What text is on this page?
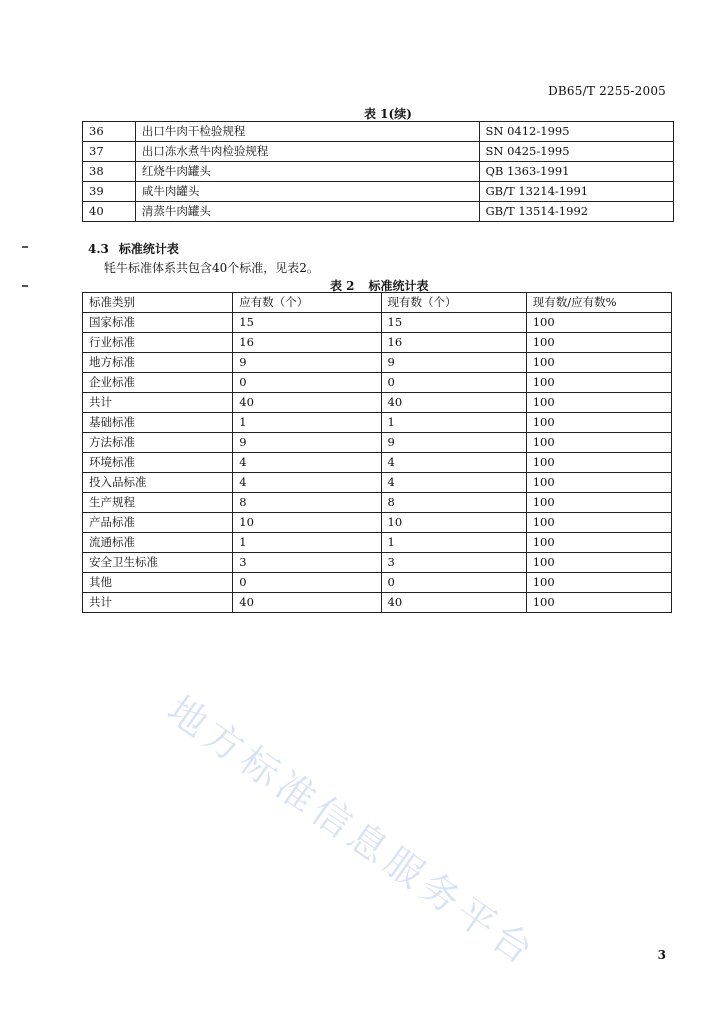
DB65/T 2255-2005
表 1(续)
36	出口牛肉干检验规程	SN 0412-1995
37	出口冻水煮牛肉检验规程	SN 0425-1995
38	红烧牛肉罐头	QB 1363-1991
39	咸牛肉罐头	GB/T 13214-1991
40	清蒸牛肉罐头	GB/T 13514-1992
4.3 标准统计表
牦牛标准体系共包含40个标准，见表2。
表 2 标准统计表
标准类别	应有数（个）	现有数（个）	现有数/应有数%
国家标准	15	15	100
行业标准	16	16	100
地方标准	9	9	100
企业标准	0	0	100
共计	40	40	100
基础标准	1	1	100
方法标准	9	9	100
环境标准	4	4	100
投入品标准	4	4	100
生产规程	8	8	100
产品标准	10	10	100
流通标准	1	1	100
安全卫生标准	3	3	100
其他	0	0	100
共计	40	40	100
地方标准信息服务平台	3
